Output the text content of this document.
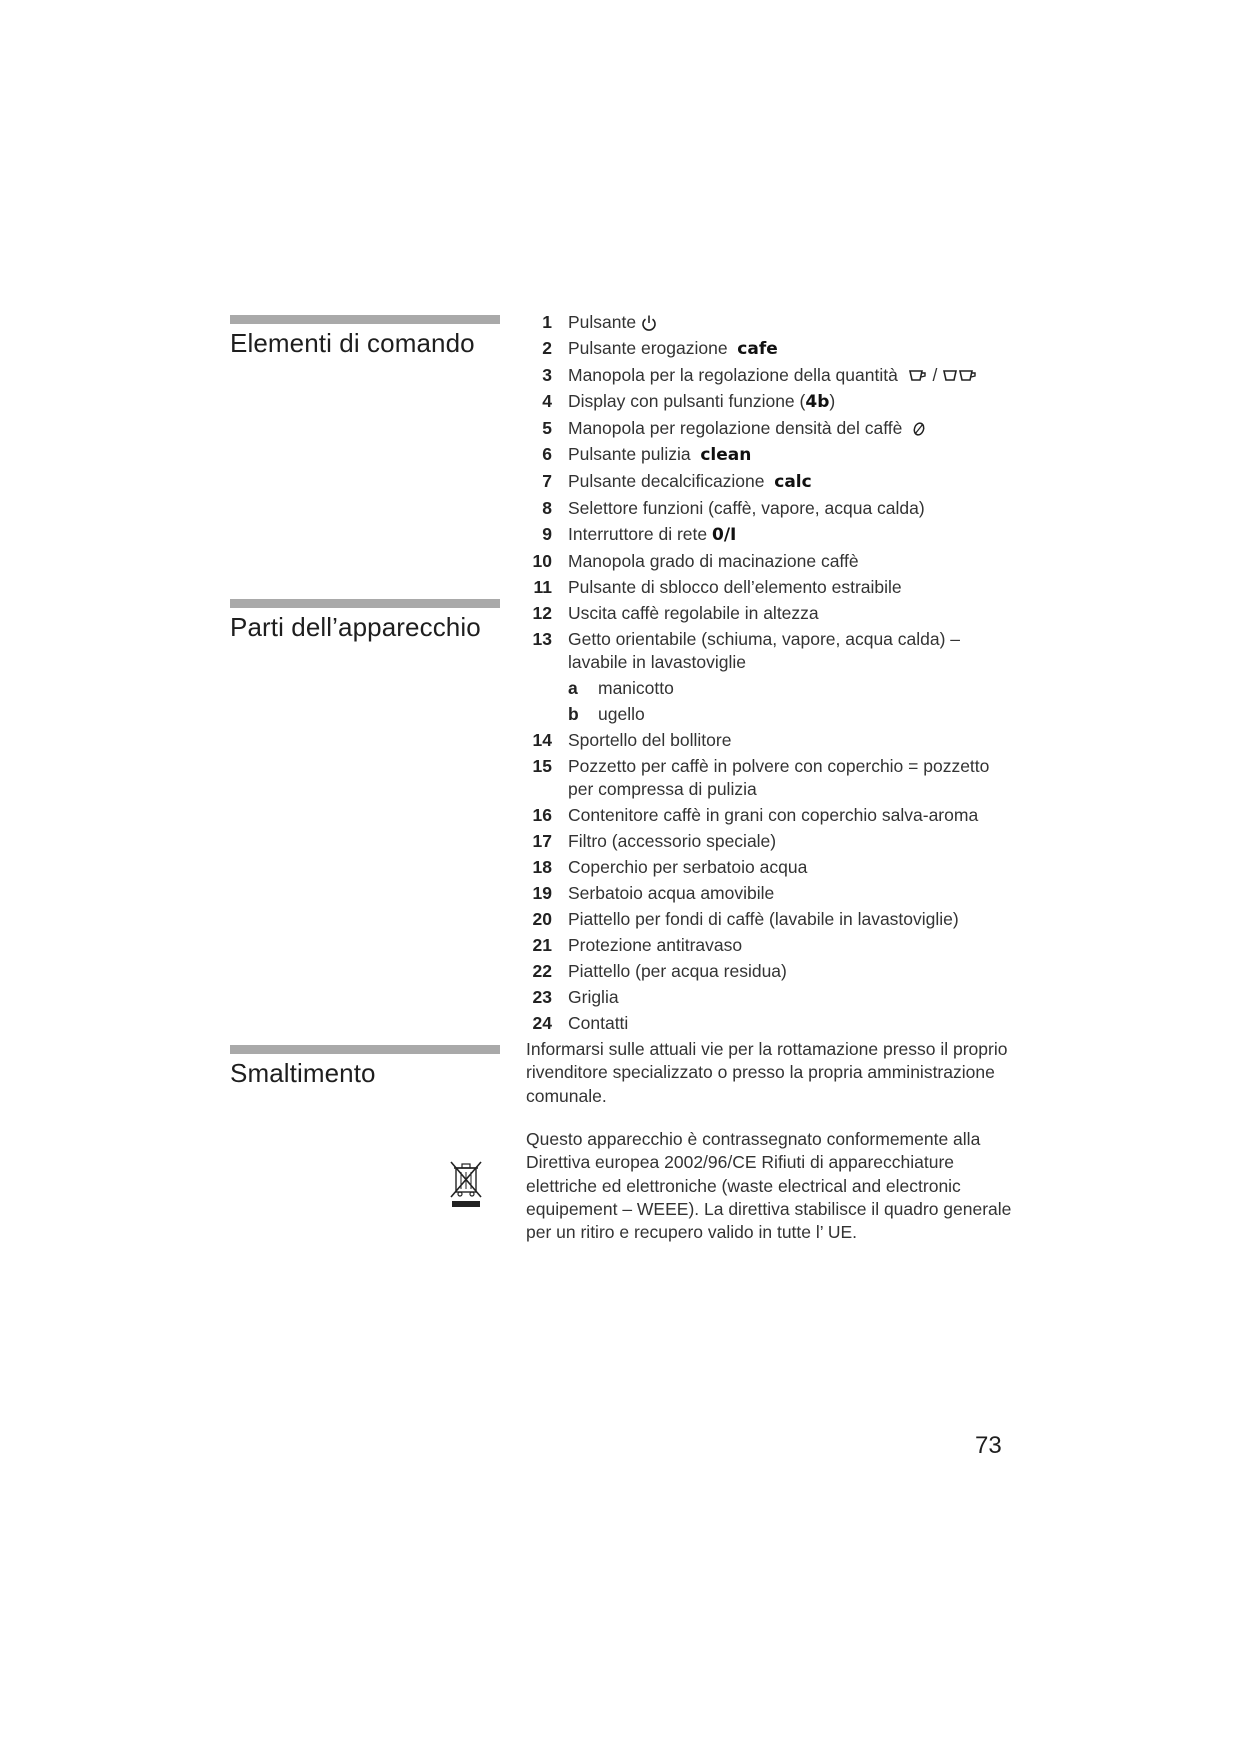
Elementi di comando
Parti dell’apparecchio
Smaltimento
1 Pulsante
2 Pulsante erogazione cafe
3 Manopola per la regolazione della quantità /
4 Display con pulsanti funzione (4b)
5 Manopola per regolazione densità del caffè
6 Pulsante pulizia clean
7 Pulsante decalcificazione calc
8 Selettore funzioni (caffè, vapore, acqua calda)
9 Interruttore di rete 0/I
10 Manopola grado di macinazione caffè
11 Pulsante di sblocco dell’elemento estraibile
12 Uscita caffè regolabile in altezza
13 Getto orientabile (schiuma, vapore, acqua calda) – lavabile in lavastoviglie
a	manicotto
b	ugello
14 Sportello del bollitore
15 Pozzetto per caffè in polvere con coperchio = pozzetto per compressa di pulizia
16 Contenitore caffè in grani con coperchio salva-aroma
17 Filtro (accessorio speciale)
18 Coperchio per serbatoio acqua
19 Serbatoio acqua amovibile
20 Piattello per fondi di caffè (lavabile in lavastoviglie)
21 Protezione antitravaso
22 Piattello (per acqua residua)
23 Griglia
24 Contatti

Informarsi sulle attuali vie per la rottamazione presso il proprio rivenditore specializzato o presso la propria amministrazione comunale.

Questo apparecchio è contrassegnato conformemente alla Direttiva europea 2002/96/CE Rifiuti di apparecchiature elettriche ed elettroniche (waste electrical and electronic equipement – WEEE). La direttiva stabilisce il quadro generale per un ritiro e recupero valido in tutte l’ UE.

73
